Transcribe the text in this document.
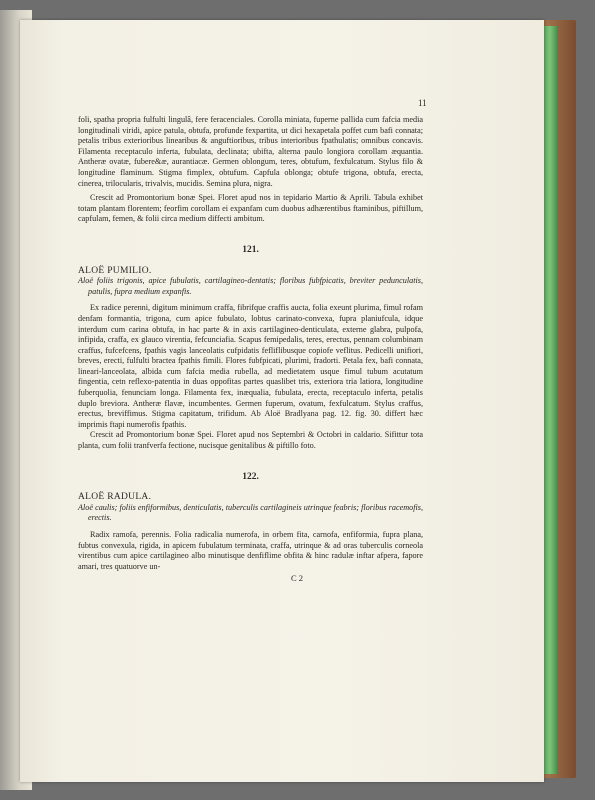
11

foli, spatha propria fulfulti lingulâ, fere feracenciales. Corolla miniata, fuperne pallida cum fafcia media longitudinali viridi, apice patula, obtufa, profunde fexpartita, ut dici hexapetala poffet cum bafi connata; petalis tribus exterioribus linearibus & anguftioribus, tribus interioribus fpathulatis; omnibus concavis. Filamenta receptaculo inferta, fubulata, declinata; ubifta, alterna paulo longiora corollam æquantia. Antheræ ovatæ, fubere&æ, aurantiacæ. Germen oblongum, teres, obtufum, fexfulcatum. Stylus filo & longitudine flaminum. Stigma fimplex, obtufum. Capfula oblonga; obtufe trigona, obtufa, erecta, cinerea, trilocularis, trivalvis, mucidis. Semina plura, nigra.

Crescit ad Promontorium bonæ Spei. Floret apud nos in tepidario Martio & Aprili. Tabula exhibet totam plantam florentem; feorfim corollam ei expanfam cum duobus adhærentibus ftaminibus, piftillum, capfulam, femen, & folii circa medium diffecti ambitum.

121.

ALOË PUMILIO.

Aloë foliis trigonis, apice fubulatis, cartilagineo-dentatis; floribus fubfpicatis, breviter pedunculatis, patulis, fupra medium expanfis.

Ex radice perenni, digitum minimum craffa, fibrifque craffis aucta, folia exeunt plurima, fimul rofam denfam formantia, trigona, cum apice fubulato, lobtus carinato-convexa, fupra planiufcula, idque interdum cum carina obtufa, in hac parte & in axis cartilagineo-denticulata, externe glabra, pulpofa, infipida, craffa, ex glauco virentia, fefcunciafia. Scapus femipedalis, teres, erectus, pennam columbinam craffus, fufcefcens, fpathis vagis lanceolatis cufpidatis fefliflibusque copiofe veflitus. Pedicelli unifiori, breves, erecti, fulfulti bractea fpathis fimili. Flores fubfpicati, plurimi, fradorti. Petala fex, bafi connata, lineari-lanceolata, albida cum fafcia media rubella, ad medietatem usque fimul tubum acutatum fingentia, cetn reflexo-patentia in duas oppofitas partes quaslibet tris, exteriora tria latiora, longitudine fuberquolia, fenunciam longa. Filamenta fex, inæqualia, fubulata, erecta, receptaculo inferta, petalis duplo breviora. Antheræ flavæ, incumbentes. Germen fuperum, ovatum, fexfulcatum. Stylus craffus, erectus, breviffimus. Stigma capitatum, trifidum. Ab Aloë Bradlyana pag. 12. fig. 30. differt hæc imprimis ftapi numerofis fpathis.

Crescit ad Promontorium bonæ Spei. Floret apud nos Septembri & Octobri in caldario. Sifittur tota planta, cum folii tranfverfa fectione, nucisque genitalibus & piftillo foto.

122.

ALOË RADULA.

Aloë caulis; foliis enfiformibus, denticulatis, tuberculis cartilagineis utrinque feabris; floribus racemofis, erectis.

Radix ramofa, perennis. Folia radicalia numerofa, in orbem fita, carnofa, enfiformia, fupra plana, fubtus convexula, rigida, in apicem fubulatum terminata, craffa, utrinque & ad oras tuberculis corneola virentibus cum apice cartilagineo albo minutisque denfiflime obfita & hinc radulæ inftar afpera, fapore amari, tres quatuorve un-

C 2
